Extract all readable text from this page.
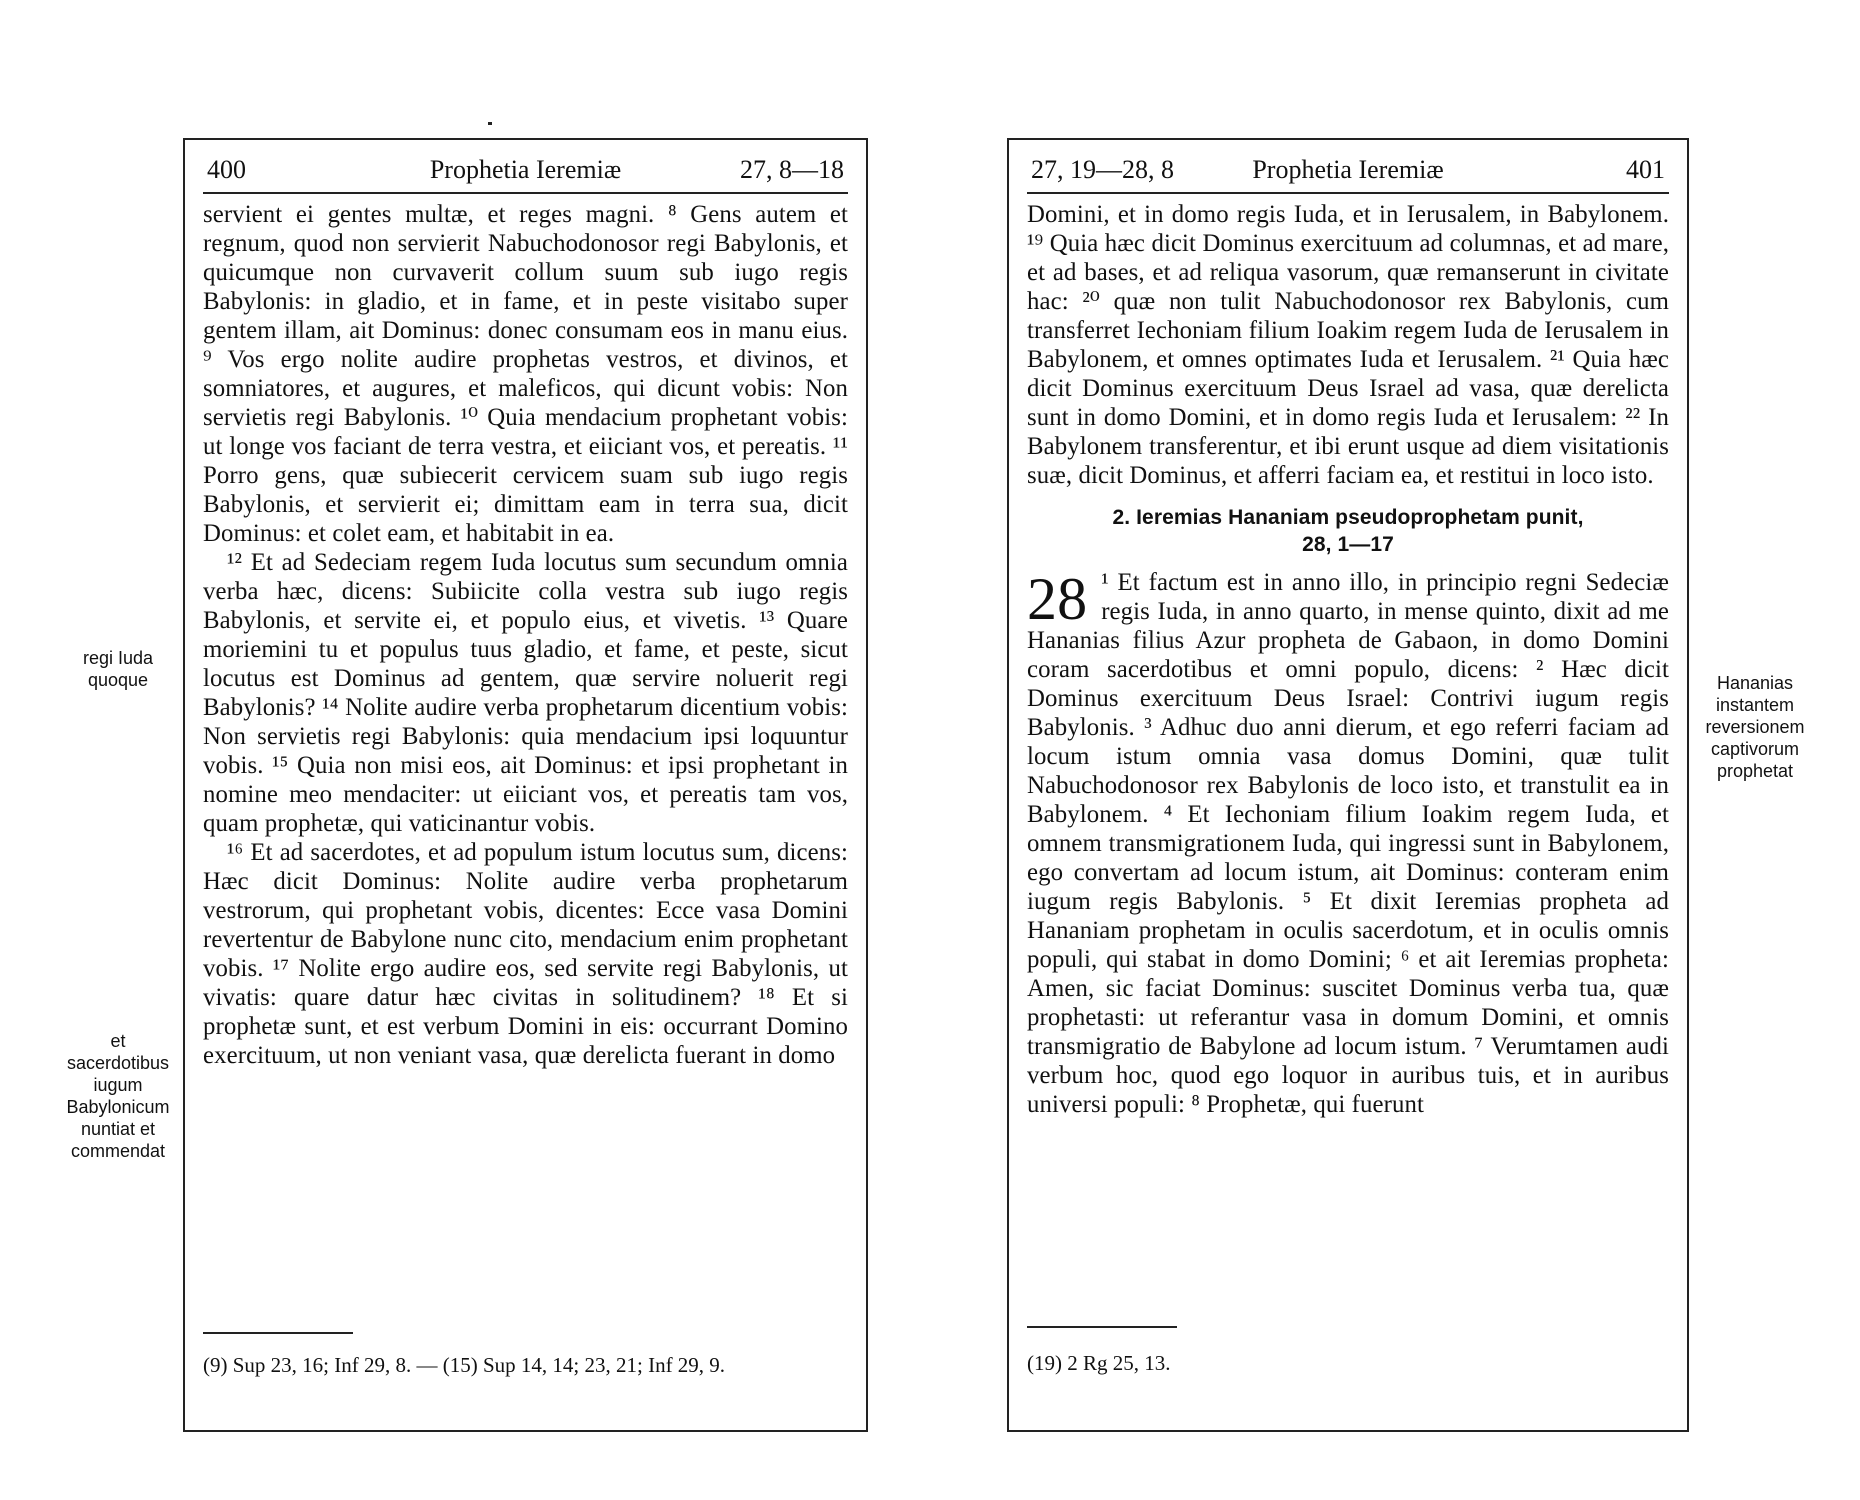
Prophetia Ieremiæ
400	27, 8—18

servient ei gentes multæ, et reges magni. ⁸ Gens autem et regnum, quod non servierit Nabuchodonosor regi Babylonis, et quicumque non curvaverit collum suum sub iugo regis Babylonis: in gladio, et in fame, et in peste visitabo super gentem illam, ait Dominus: donec consumam eos in manu eius. ⁹ Vos ergo nolite audire prophetas vestros, et divinos, et somniatores, et augures, et maleficos, qui dicunt vobis: Non servietis regi Babylonis. ¹⁰ Quia mendacium prophetant vobis: ut longe vos faciant de terra vestra, et eiiciant vos, et pereatis. ¹¹ Porro gens, quæ subiecerit cervicem suam sub iugo regis Babylonis, et servierit ei; dimittam eam in terra sua, dicit Dominus: et colet eam, et habitabit in ea.

¹² Et ad Sedeciam regem Iuda locutus sum secundum omnia verba hæc, dicens: Subiicite colla vestra sub iugo regis Babylonis, et servite ei, et populo eius, et vivetis. ¹³ Quare moriemini tu et populus tuus gladio, et fame, et peste, sicut locutus est Dominus ad gentem, quæ servire noluerit regi Babylonis? ¹⁴ Nolite audire verba prophetarum dicentium vobis: Non servietis regi Babylonis: quia mendacium ipsi loquuntur vobis. ¹⁵ Quia non misi eos, ait Dominus: et ipsi prophetant in nomine meo mendaciter: ut eiiciant vos, et pereatis tam vos, quam prophetæ, qui vaticinantur vobis.

¹⁶ Et ad sacerdotes, et ad populum istum locutus sum, dicens: Hæc dicit Dominus: Nolite audire verba prophetarum vestrorum, qui prophetant vobis, dicentes: Ecce vasa Domini revertentur de Babylone nunc cito, mendacium enim prophetant vobis. ¹⁷ Nolite ergo audire eos, sed servite regi Babylonis, ut vivatis: quare datur hæc civitas in solitudinem? ¹⁸ Et si prophetæ sunt, et est verbum Domini in eis: occurrant Domino exercituum, ut non veniant vasa, quæ derelicta fuerant in domo

(9) Sup 23, 16; Inf 29, 8. — (15) Sup 14, 14; 23, 21; Inf 29, 9.
regi Iuda quoque
et sacerdotibus iugum Babylonicum nuntiat et commendat
Prophetia Ieremiæ
27, 19—28, 8	401

Domini, et in domo regis Iuda, et in Ierusalem, in Babylonem. ¹⁹ Quia hæc dicit Dominus exercituum ad columnas, et ad mare, et ad bases, et ad reliqua vasorum, quæ remanserunt in civitate hac: ²⁰ quæ non tulit Nabuchodonosor rex Babylonis, cum transferret Iechoniam filium Ioakim regem Iuda de Ierusalem in Babylonem, et omnes optimates Iuda et Ierusalem. ²¹ Quia hæc dicit Dominus exercituum Deus Israel ad vasa, quæ derelicta sunt in domo Domini, et in domo regis Iuda et Ierusalem: ²² In Babylonem transferentur, et ibi erunt usque ad diem visitationis suæ, dicit Dominus, et afferri faciam ea, et restitui in loco isto.

2. Ieremias Hananiam pseudoprophetam punit,
28, 1—17
28 ¹ Et factum est in anno illo, in principio regni Sedeciæ regis Iuda, in anno quarto, in mense quinto, dixit ad me Hananias filius Azur propheta de Gabaon, in domo Domini coram sacerdotibus et omni populo, dicens: ² Hæc dicit Dominus exercituum Deus Israel: Contrivi iugum regis Babylonis. ³ Adhuc duo anni dierum, et ego referri faciam ad locum istum omnia vasa domus Domini, quæ tulit Nabuchodonosor rex Babylonis de loco isto, et transtulit ea in Babylonem. ⁴ Et Iechoniam filium Ioakim regem Iuda, et omnem transmigrationem Iuda, qui ingressi sunt in Babylonem, ego convertam ad locum istum, ait Dominus: conteram enim iugum regis Babylonis. ⁵ Et dixit Ieremias propheta ad Hananiam prophetam in oculis sacerdotum, et in oculis omnis populi, qui stabat in domo Domini; ⁶ et ait Ieremias propheta: Amen, sic faciat Dominus: suscitet Dominus verba tua, quæ prophetasti: ut referantur vasa in domum Domini, et omnis transmigratio de Babylone ad locum istum. ⁷ Verumtamen audi verbum hoc, quod ego loquor in auribus tuis, et in auribus universi populi: ⁸ Prophetæ, qui fuerunt

(19) 2 Rg 25, 13.
Hananias instantem reversionem captivorum prophetat
